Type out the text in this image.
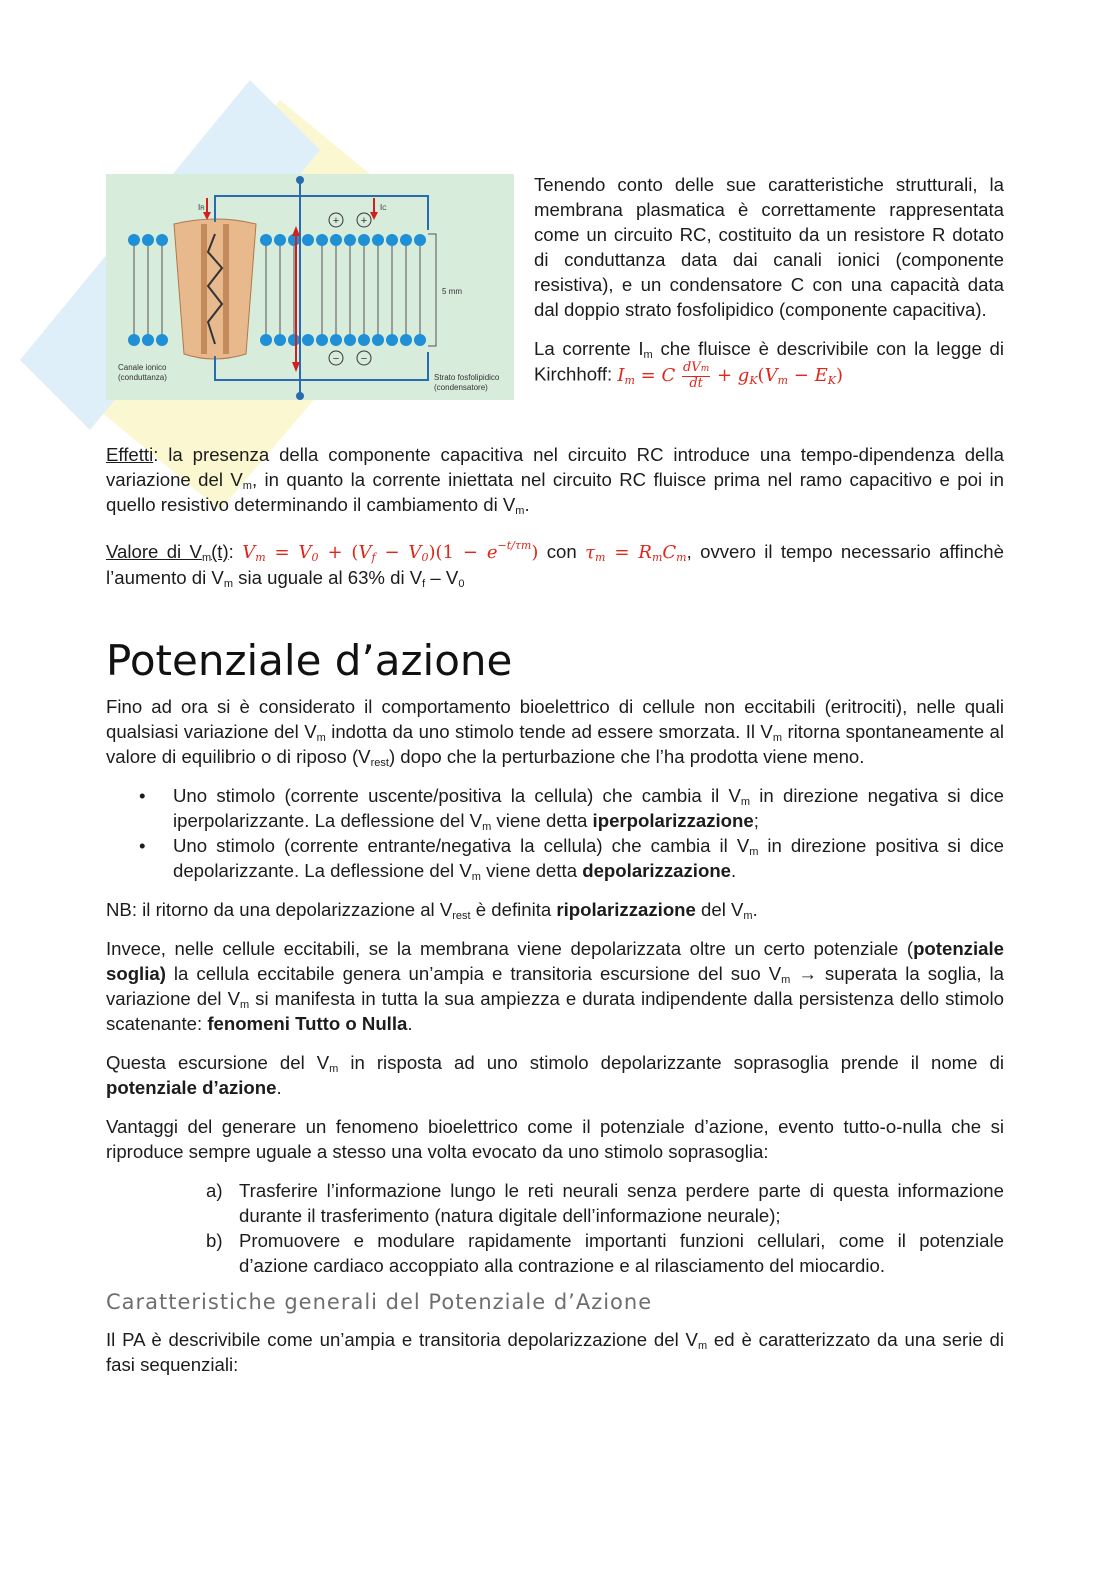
+ +
− −
IR	IC
5 mm
Canale ionico
(conduttanza)	Strato fosfolipidico
(condensatore)

Tenendo conto delle sue caratteristiche strutturali, la membrana plasmatica è correttamente rappresentata come un circuito RC, costituito da un resistore R dotato di conduttanza data dai canali ionici (componente resistiva), e un condensatore C con una capacità data dal doppio strato fosfolipidico (componente capacitiva).

La corrente $I_m$ che fluisce è descrivibile con la legge di Kirchhoff: $I_m = C \frac{\text{dVm}}{dt} + g_K(V_m - E_K)$

Effetti: la presenza della componente capacitiva nel circuito RC introduce una tempo-dipendenza della variazione del $V_m$, in quanto la corrente iniettata nel circuito RC fluisce prima nel ramo capacitivo e poi in quello resistivo determinando il cambiamento di $V_m$.

Valore di $V_m(t)$: $V_m = V_0 + (V_f - V_0)(1 - e^{-t/\tau m})$ con $\tau_m = R_mC_m$, ovvero il tempo necessario affinchè l’aumento di $V_m$ sia uguale al 63% di $V_f - V_0$

Potenziale d’azione

Fino ad ora si è considerato il comportamento bioelettrico di cellule non eccitabili (eritrociti), nelle quali qualsiasi variazione del $V_m$ indotta da uno stimolo tende ad essere smorzata. Il $V_m$ ritorna spontaneamente al valore di equilibrio o di riposo $(V_{rest})$ dopo che la perturbazione che l’ha prodotta viene meno.

• Uno stimolo (corrente uscente/positiva la cellula) che cambia il $V_m$ in direzione negativa si dice iperpolarizzante. La deflessione del $V_m$ viene detta iperpolarizzazione;
• Uno stimolo (corrente entrante/negativa la cellula) che cambia il $V_m$ in direzione positiva si dice depolarizzante. La deflessione del $V_m$ viene detta depolarizzazione.

NB: il ritorno da una depolarizzazione al $V_{rest}$ è definita ripolarizzazione del $V_m$.

Invece, nelle cellule eccitabili, se la membrana viene depolarizzata oltre un certo potenziale (potenziale soglia) la cellula eccitabile genera un’ampia e transitoria escursione del suo $V_m$ → superata la soglia, la variazione del $V_m$ si manifesta in tutta la sua ampiezza e durata indipendente dalla persistenza dello stimolo scatenante: fenomeni Tutto o Nulla.

Questa escursione del $V_m$ in risposta ad uno stimolo depolarizzante soprasoglia prende il nome di potenziale d’azione.

Vantaggi del generare un fenomeno bioelettrico come il potenziale d’azione, evento tutto-o-nulla che si riproduce sempre uguale a stesso una volta evocato da uno stimolo soprasoglia:

a) Trasferire l’informazione lungo le reti neurali senza perdere parte di questa informazione durante il trasferimento (natura digitale dell’informazione neurale);
b) Promuovere e modulare rapidamente importanti funzioni cellulari, come il potenziale d’azione cardiaco accoppiato alla contrazione e al rilasciamento del miocardio.
Caratteristiche generali del Potenziale d’Azione

Il PA è descrivibile come un’ampia e transitoria depolarizzazione del $V_m$ ed è caratterizzato da una serie di fasi sequenziali:
